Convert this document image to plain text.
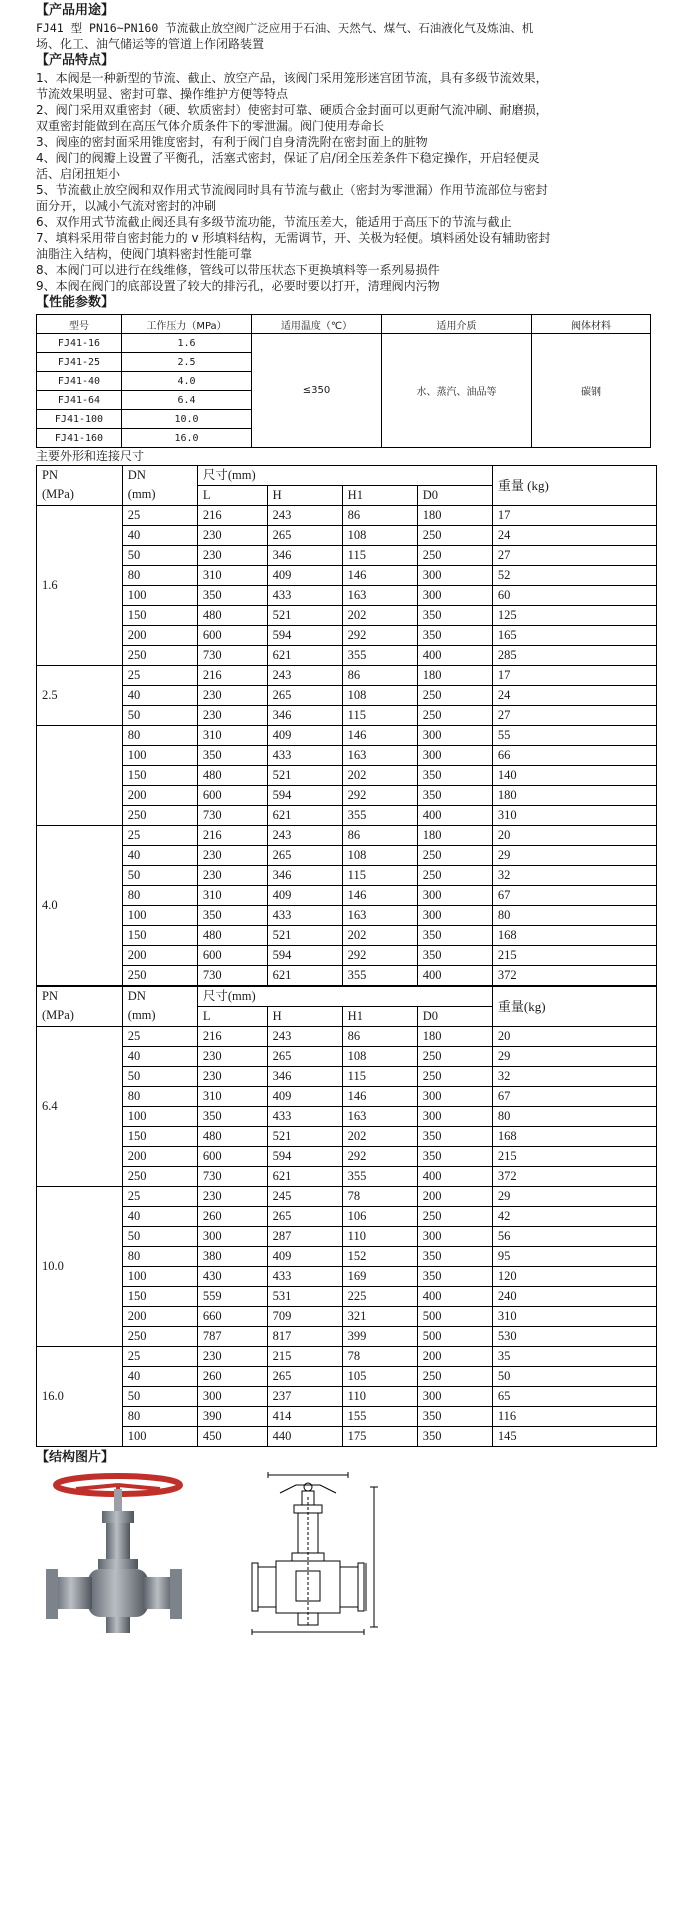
【产品用途】
FJ41 型 PN16~PN160 节流截止放空阀广泛应用于石油、天然气、煤气、石油液化气及炼油、机
场、化工、油气储运等的管道上作闭路装置
【产品特点】
1、本阀是一种新型的节流、截止、放空产品，该阀门采用笼形迷宫团节流，具有多级节流效果，
节流效果明显、密封可靠、操作维护方便等特点
2、阀门采用双重密封（硬、软质密封）使密封可靠、硬质合金封面可以更耐气流冲刷、耐磨损，
双重密封能做到在高压气体介质条件下的零泄漏。阀门使用寿命长
3、阀座的密封面采用锥度密封，有利于阀门自身清洗附在密封面上的脏物
4、阀门的阀瓣上设置了平衡孔，活塞式密封，保证了启/闭全压差条件下稳定操作，开启轻便灵
活、启闭扭矩小
5、节流截止放空阀和双作用式节流阀同时具有节流与截止（密封为零泄漏）作用节流部位与密封
面分开，以减小气流对密封的冲刷
6、双作用式节流截止阀还具有多级节流功能，节流压差大，能适用于高压下的节流与截止
7、填料采用带自密封能力的 v 形填料结构，无需调节，开、关极为轻便。填料函处设有辅助密封
油脂注入结构，使阀门填料密封性能可靠
8、本阀门可以进行在线维修，管线可以带压状态下更换填料等一系列易损件
9、本阀在阀门的底部设置了较大的排污孔，必要时要以打开，清理阀内污物
【性能参数】
型号	工作压力（MPa）	适用温度（℃）	适用介质	阀体材料
FJ41-16	1.6	≤350	水、蒸汽、油品等	碳钢
FJ41-25	2.5			
FJ41-40	4.0			
FJ41-64	6.4			
FJ41-100	10.0			
FJ41-160	16.0			
主要外形和连接尺寸
PN
(MPa)	DN
(mm)	尺寸(mm)				重量 (kg)
		L	H	H1	D0	
1.6	25	216	243	86	180	17
	40	230	265	108	250	24
	50	230	346	115	250	27
	80	310	409	146	300	52
	100	350	433	163	300	60
	150	480	521	202	350	125
	200	600	594	292	350	165
	250	730	621	355	400	285
2.5	25	216	243	86	180	17
	40	230	265	108	250	24
	50	230	346	115	250	27
	80	310	409	146	300	55
	100	350	433	163	300	66
	150	480	521	202	350	140
	200	600	594	292	350	180
	250	730	621	355	400	310
4.0	25	216	243	86	180	20
	40	230	265	108	250	29
	50	230	346	115	250	32
	80	310	409	146	300	67
	100	350	433	163	300	80
	150	480	521	202	350	168
	200	600	594	292	350	215
	250	730	621	355	400	372
PN
(MPa)	DN
(mm)	尺寸(mm)				重量(kg)
		L	H	H1	D0	
6.4	25	216	243	86	180	20
	40	230	265	108	250	29
	50	230	346	115	250	32
	80	310	409	146	300	67
	100	350	433	163	300	80
	150	480	521	202	350	168
	200	600	594	292	350	215
	250	730	621	355	400	372
10.0	25	230	245	78	200	29
	40	260	265	106	250	42
	50	300	287	110	300	56
	80	380	409	152	350	95
	100	430	433	169	350	120
	150	559	531	225	400	240
	200	660	709	321	500	310
	250	787	817	399	500	530
16.0	25	230	215	78	200	35
	40	260	265	105	250	50
	50	300	237	110	300	65
	80	390	414	155	350	116
	100	450	440	175	350	145
【结构图片】
